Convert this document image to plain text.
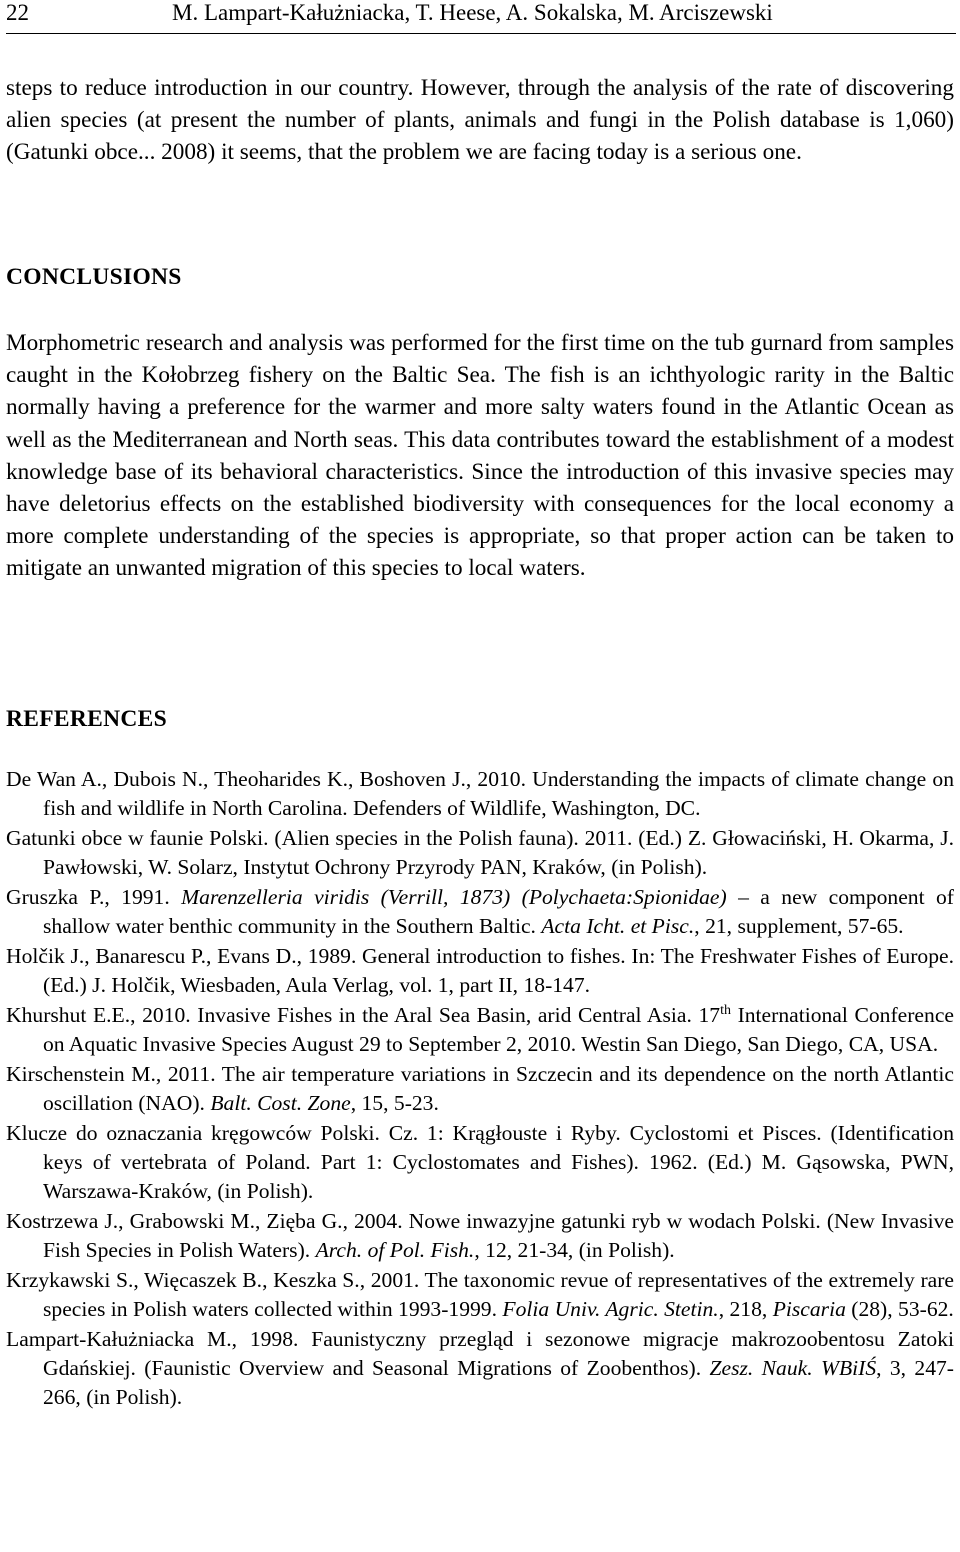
22	M. Lampart-Kałużniacka, T. Heese, A. Sokalska, M. Arciszewski

steps to reduce introduction in our country. However, through the analysis of the rate of discovering alien species (at present the number of plants, animals and fungi in the Polish database is 1,060) (Gatunki obce... 2008) it seems, that the problem we are facing today is a serious one.

CONCLUSIONS

Morphometric research and analysis was performed for the first time on the tub gurnard from samples caught in the Kołobrzeg fishery on the Baltic Sea. The fish is an ichthyologic rarity in the Baltic normally having a preference for the warmer and more salty waters found in the Atlantic Ocean as well as the Mediterranean and North seas. This data contributes toward the establishment of a modest knowledge base of its behavioral characteristics. Since the introduction of this invasive species may have deletorius effects on the established biodiversity with consequences for the local economy a more complete understanding of the species is appropriate, so that proper action can be taken to mitigate an unwanted migration of this species to local waters.

REFERENCES

De Wan A., Dubois N., Theoharides K., Boshoven J., 2010. Understanding the impacts of climate change on fish and wildlife in North Carolina. Defenders of Wildlife, Washington, DC.

Gatunki obce w faunie Polski. (Alien species in the Polish fauna). 2011. (Ed.) Z. Głowaciński, H. Okarma, J. Pawłowski, W. Solarz, Instytut Ochrony Przyrody PAN, Kraków, (in Polish).

Gruszka P., 1991. Marenzelleria viridis (Verrill, 1873) (Polychaeta:Spionidae) – a new component of shallow water benthic community in the Southern Baltic. Acta Icht. et Pisc., 21, supplement, 57-65.

Holčik J., Banarescu P., Evans D., 1989. General introduction to fishes. In: The Freshwater Fishes of Europe. (Ed.) J. Holčik, Wiesbaden, Aula Verlag, vol. 1, part II, 18-147.

Khurshut E.E., 2010. Invasive Fishes in the Aral Sea Basin, arid Central Asia. 17th International Conference on Aquatic Invasive Species August 29 to September 2, 2010. Westin San Diego, San Diego, CA, USA.

Kirschenstein M., 2011. The air temperature variations in Szczecin and its dependence on the north Atlantic oscillation (NAO). Balt. Cost. Zone, 15, 5-23.

Klucze do oznaczania kręgowców Polski. Cz. 1: Krągłouste i Ryby. Cyclostomi et Pisces. (Identification keys of vertebrata of Poland. Part 1: Cyclostomates and Fishes). 1962. (Ed.) M. Gąsowska, PWN, Warszawa-Kraków, (in Polish).

Kostrzewa J., Grabowski M., Zięba G., 2004. Nowe inwazyjne gatunki ryb w wodach Polski. (New Invasive Fish Species in Polish Waters). Arch. of Pol. Fish., 12, 21-34, (in Polish).

Krzykawski S., Więcaszek B., Keszka S., 2001. The taxonomic revue of representatives of the extremely rare species in Polish waters collected within 1993-1999. Folia Univ. Agric. Stetin., 218, Piscaria (28), 53-62.

Lampart-Kałużniacka M., 1998. Faunistyczny przegląd i sezonowe migracje makrozoobentosu Zatoki Gdańskiej. (Faunistic Overview and Seasonal Migrations of Zoobenthos). Zesz. Nauk. WBiIŚ, 3, 247-266, (in Polish).
